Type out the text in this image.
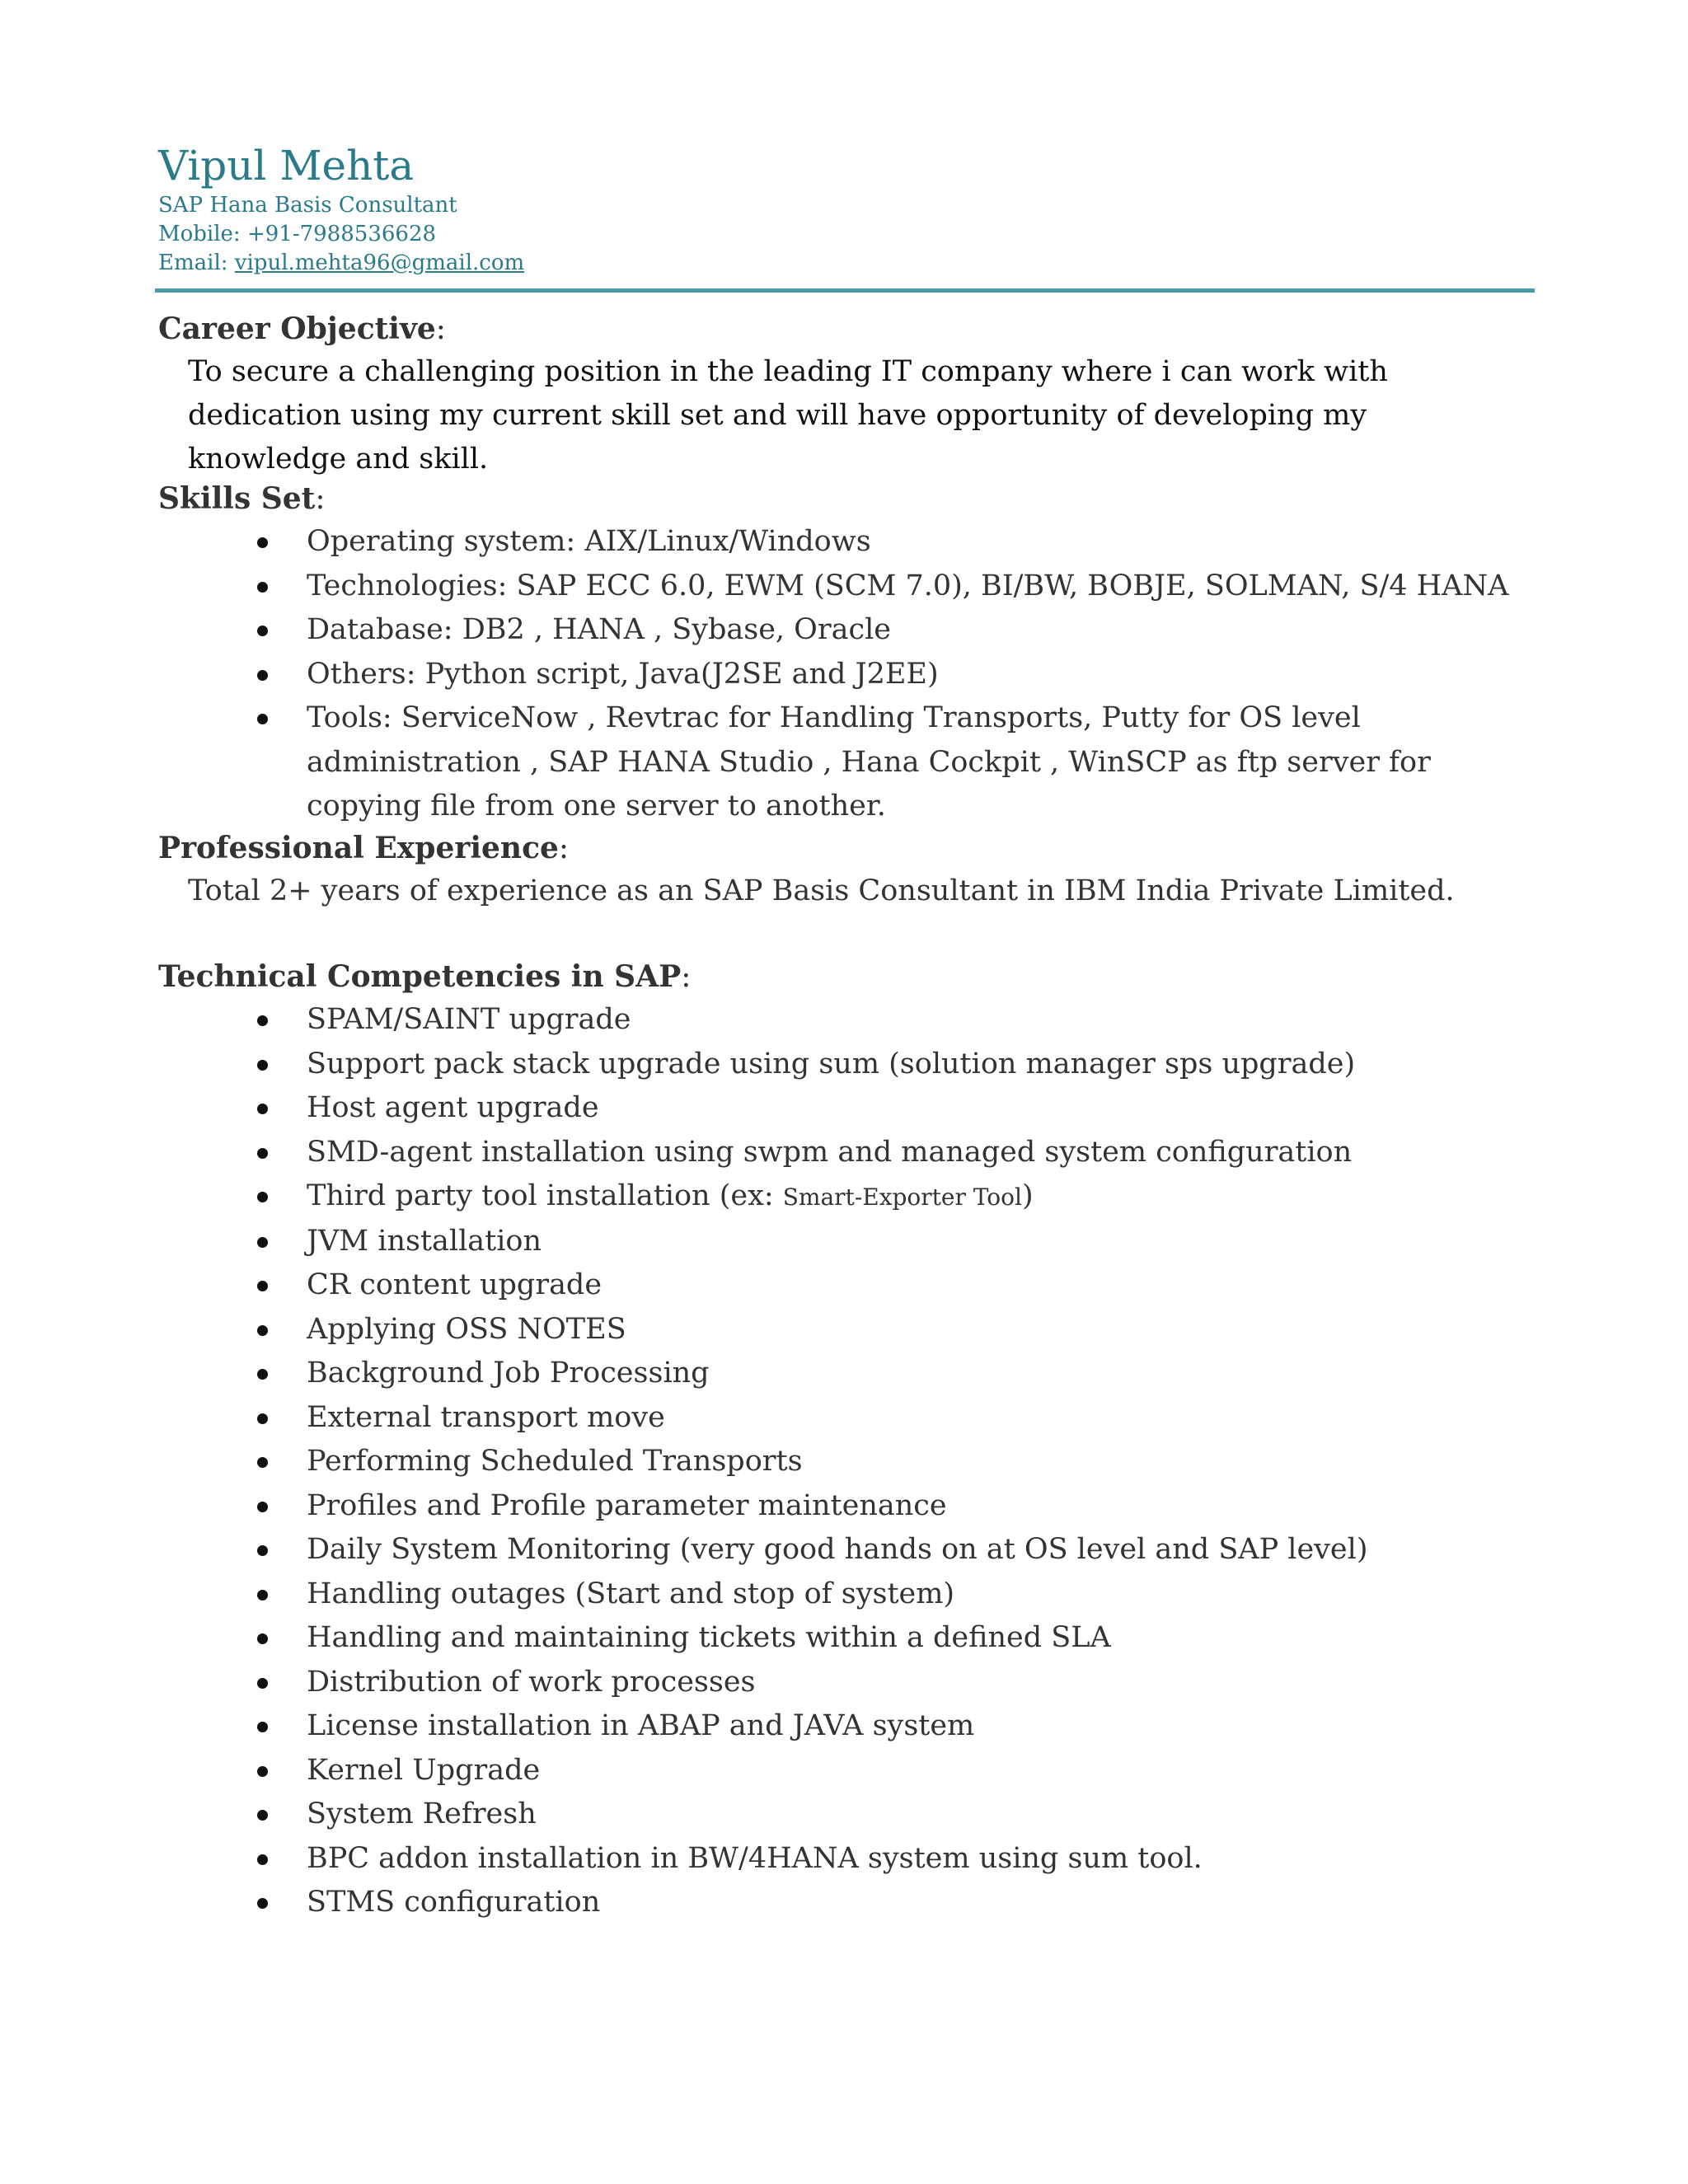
Vipul Mehta

SAP Hana Basis Consultant

Mobile: +91-7988536628

Email: vipul.mehta96@gmail.com

Career Objective:

To secure a challenging position in the leading IT company where i can work with dedication using my current skill set and will have opportunity of developing my knowledge and skill.

Skills Set:

Operating system: AIX/Linux/Windows
Technologies: SAP ECC 6.0, EWM (SCM 7.0), BI/BW, BOBJE, SOLMAN, S/4 HANA
Database: DB2 , HANA , Sybase, Oracle
Others: Python script, Java(J2SE and J2EE)
Tools: ServiceNow , Revtrac for Handling Transports, Putty for OS level administration , SAP HANA Studio , Hana Cockpit , WinSCP as ftp server for copying file from one server to another.

Professional Experience:

Total 2+ years of experience as an SAP Basis Consultant in IBM India Private Limited.

Technical Competencies in SAP:

SPAM/SAINT upgrade
Support pack stack upgrade using sum (solution manager sps upgrade)
Host agent upgrade
SMD-agent installation using swpm and managed system configuration
Third party tool installation (ex: Smart-Exporter Tool)
JVM installation
CR content upgrade
Applying OSS NOTES
Background Job Processing
External transport move
Performing Scheduled Transports
Profiles and Profile parameter maintenance
Daily System Monitoring (very good hands on at OS level and SAP level)
Handling outages (Start and stop of system)
Handling and maintaining tickets within a defined SLA
Distribution of work processes
License installation in ABAP and JAVA system
Kernel Upgrade
System Refresh
BPC addon installation in BW/4HANA system using sum tool.
STMS configuration
